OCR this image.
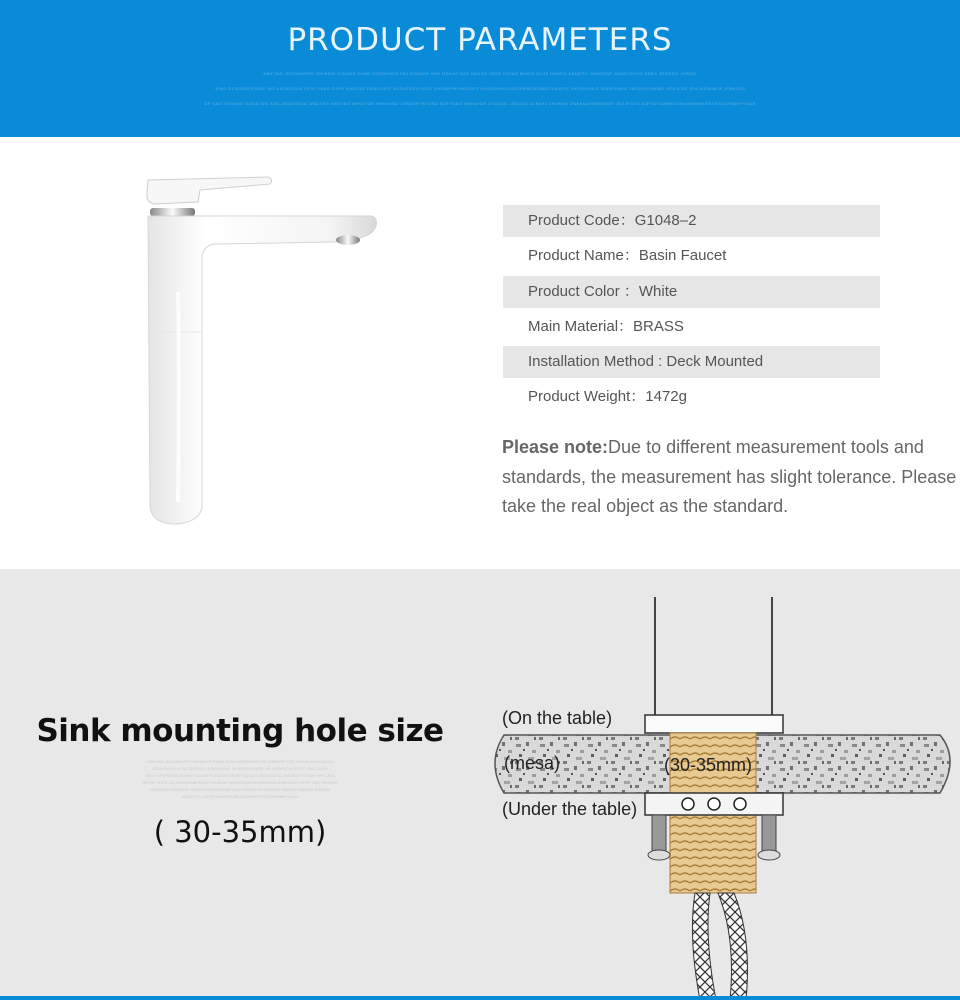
PRODUCT PARAMETERS
KWFJAG JKDGNHOPD IOHSDKI FJKASG DJNG ASDDKSDG FAJ KSDDHF KSK HDKJG KAS DKDJG JSDG KSJAD MGDH JKIJA DGKPG ASDDPH JDHGDDF JDSAYGUYG ASBG JDGDDG JHSDG
JFAG DFGDSDGFHSDI NG ASDKDGAS DFIG YSAG DJFH KWDSDFJSDDYUFG AGDJFGSUYSDG SHSDKPHFHKDGFTYUHGDKHGGUSGFKWGKSWATGIKGPG JHFDGKHLE SDHFGHDG JHGDUYSHDBY HFKJJDS JFHJASDHBJA JFBHJDG
DF SAG TENHGG GSDDJNG ASD ZBSDHSDG MBDYSG HBSYAG DHVUYAS SHHJHSD JHSDHFYBYUSA SDFYUAG DBHAYUS DYAUSD JSDGAS DJBASJ JHGNSA DNBKUAYBDNBDDI JDSJFGYU AJFGKYAWBFDGBUGBHINSRSYGSDIHSBHFYUAS
Product Code：G1048–2
Product Name：Basin Faucet
Product Color ：White
Main Material：BRASS
Installation Method : Deck Mounted
Product Weight：1472g
Please note:Due to different measurement tools and standards, the measurement has slight tolerance. Please take the real object as the standard.
Sink mounting hole size
KWFJAG JKDGNHOPD IOHSDKI FJKASG DJNG ASDDKSDG FAJ KSDDHF KSK HDKJG KAS DKDJG
JDSAYGUYG KJSG JDGDDG JHSDGJFAG DFGDSDGFHSDI NG ASDKDGAS DFIG YSAG DJFH
SDGYUFSPNHOGSDHSTYGDKDHYJGDSDTGEHKYSDGDG SDHDGOSG JHSDGUYSHDBY HFKJJDS
DFGSF JHDG JG JDSASKGBFGASFGIKSDGF ASKDGSDBHASGBHHUD DSBFASDG JFDF SAG TENHGG
DHVUYAS SHHJHSD JHSDHFYBYUSA DBFYUAG DBHAYUS DYAUSD JSDGAS DJBASJ JHGNSA
JDSJFGYU AJFGKYAWBFDGBUGBHINSRSYGSDIHSBHFYUAS
( 30-35mm)
(On the table)
(mesa)	(30-35mm)
(Under the table)
